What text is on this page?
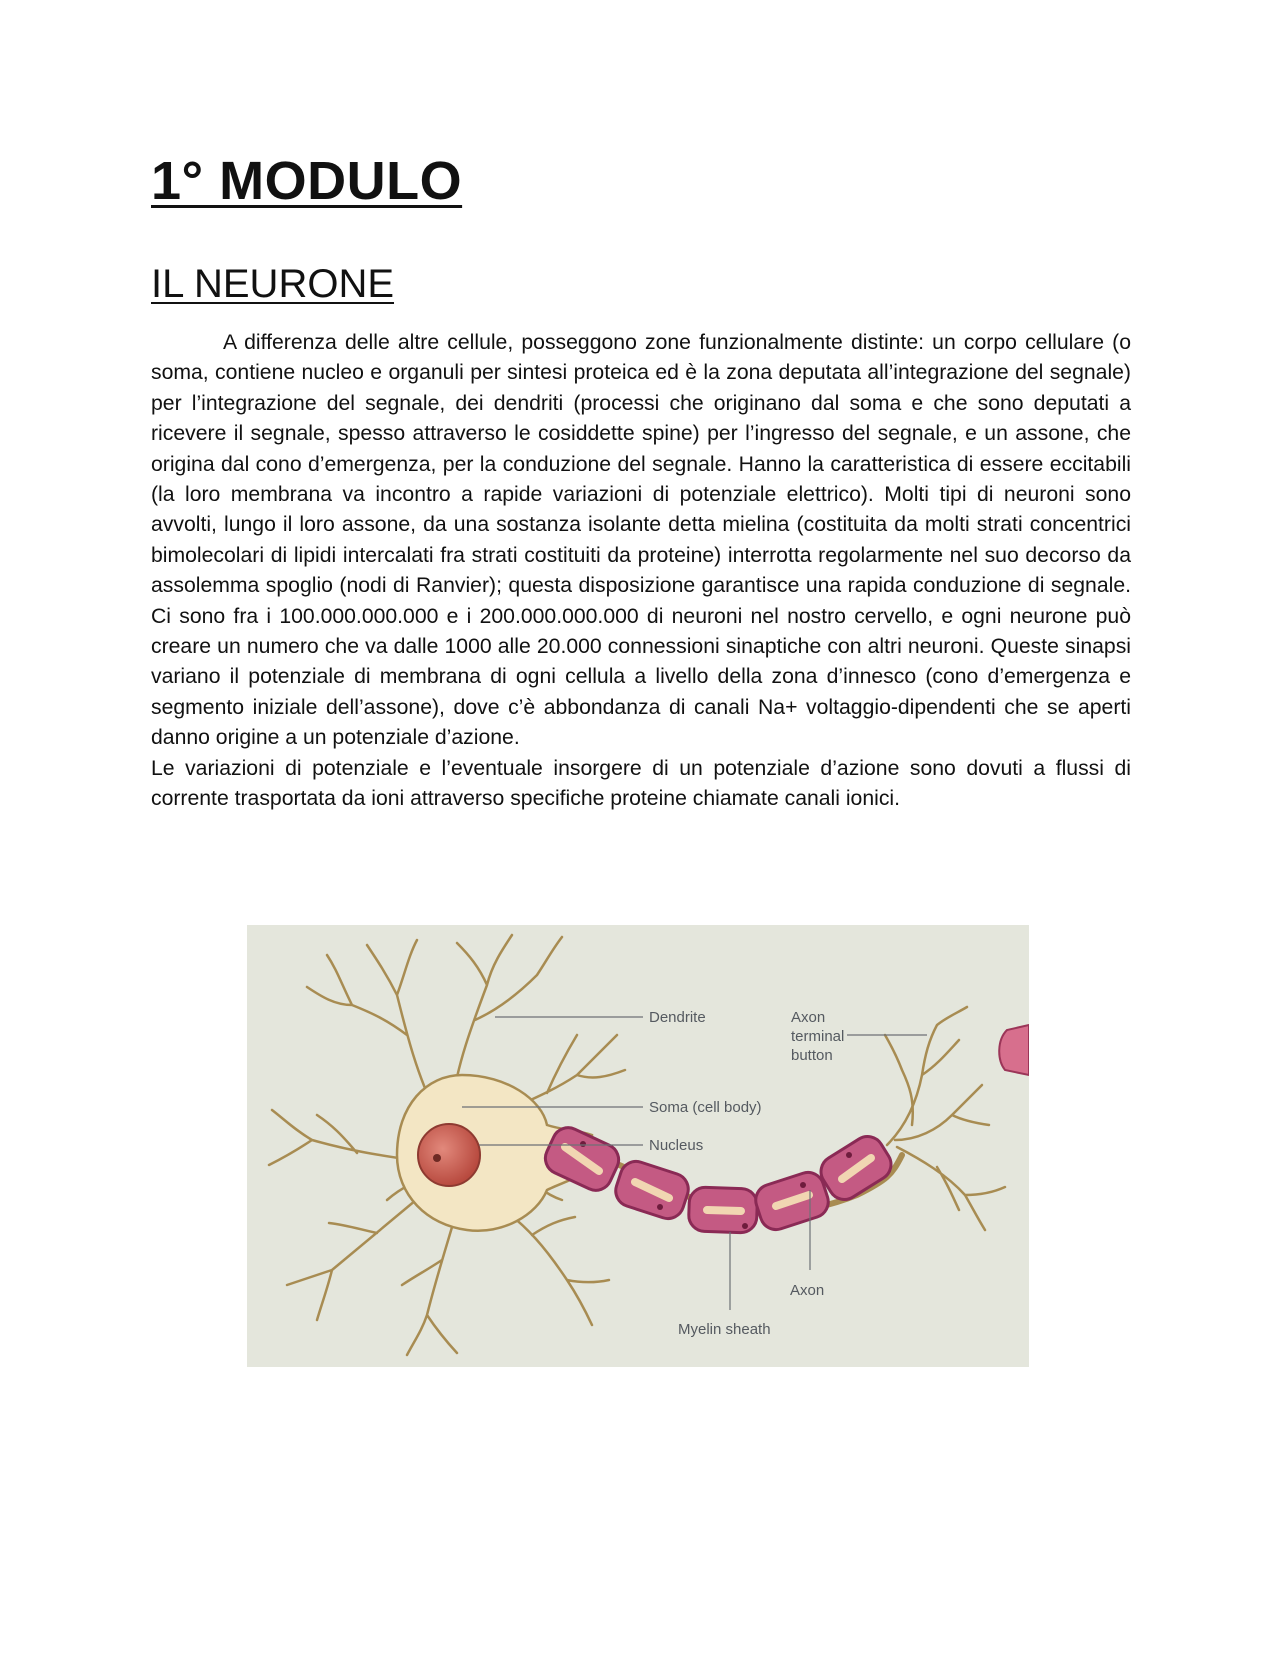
1° MODULO
IL NEURONE

A differenza delle altre cellule, posseggono zone funzionalmente distinte: un corpo cellulare (o soma, contiene nucleo e organuli per sintesi proteica ed è la zona deputata all’integrazione del segnale) per l’integrazione del segnale, dei dendriti (processi che originano dal soma e che sono deputati a ricevere il segnale, spesso attraverso le cosiddette spine) per l’ingresso del segnale, e un assone, che origina dal cono d’emergenza, per la conduzione del segnale. Hanno la caratteristica di essere eccitabili (la loro membrana va incontro a rapide variazioni di potenziale elettrico). Molti tipi di neuroni sono avvolti, lungo il loro assone, da una sostanza isolante detta mielina (costituita da molti strati concentrici bimolecolari di lipidi intercalati fra strati costituiti da proteine) interrotta regolarmente nel suo decorso da assolemma spoglio (nodi di Ranvier); questa disposizione garantisce una rapida conduzione di segnale. Ci sono fra i 100.000.000.000 e i 200.000.000.000 di neuroni nel nostro cervello, e ogni neurone può creare un numero che va dalle 1000 alle 20.000 connessioni sinaptiche con altri neuroni. Queste sinapsi variano il potenziale di membrana di ogni cellula a livello della zona d’innesco (cono d’emergenza e segmento iniziale dell’assone), dove c’è abbondanza di canali Na+ voltaggio-dipendenti che se aperti danno origine a un potenziale d’azione.

Le variazioni di potenziale e l’eventuale insorgere di un potenziale d’azione sono dovuti a flussi di corrente trasportata da ioni attraverso specifiche proteine chiamate canali ionici.

Dendrite	Axon
terminal
button
Soma (cell body)
Nucleus
Axon
Myelin sheath
